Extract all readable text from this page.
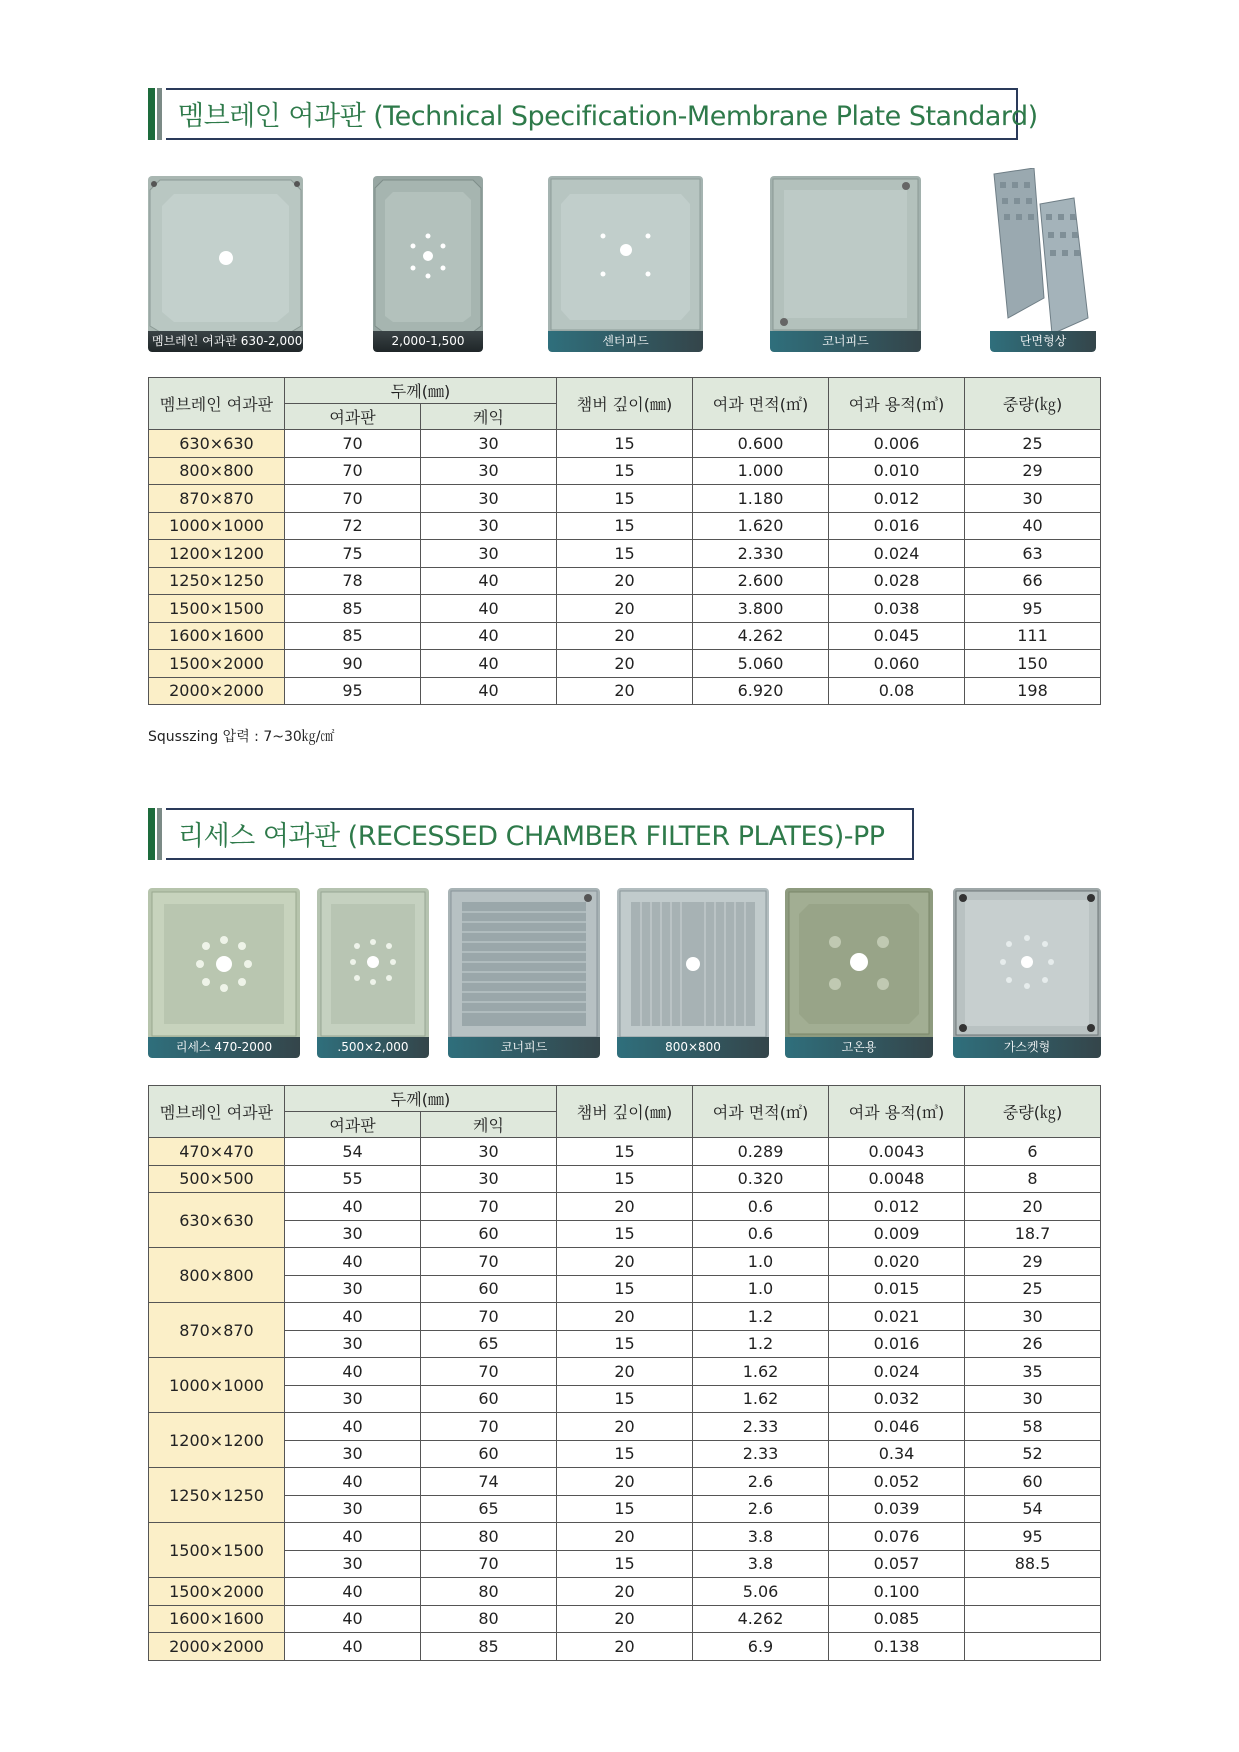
멤브레인 여과판 (Technical Specification-Membrane Plate Standard)
멤브레인 여과판 630-2,000	2,000-1,500	센터피드	코너피드	단면형상
멤브레인 여과판	두께(㎜)		챔버 깊이(㎜)	여과 면적(㎡)	여과 용적(㎥)	중량(㎏)
	여과판	케익				
630×630	70	30	15	0.600	0.006	25
800×800	70	30	15	1.000	0.010	29
870×870	70	30	15	1.180	0.012	30
1000×1000	72	30	15	1.620	0.016	40
1200×1200	75	30	15	2.330	0.024	63
1250×1250	78	40	20	2.600	0.028	66
1500×1500	85	40	20	3.800	0.038	95
1600×1600	85	40	20	4.262	0.045	111
1500×2000	90	40	20	5.060	0.060	150
2000×2000	95	40	20	6.920	0.08	198
Squsszing 압력 : 7~30㎏/㎠
리세스 여과판 (RECESSED CHAMBER FILTER PLATES)-PP
리세스 470-2000	.500×2,000	코너피드	800×800	고온용	가스켓형
멤브레인 여과판	두께(㎜)		챔버 깊이(㎜)	여과 면적(㎡)	여과 용적(㎥)	중량(㎏)
	여과판	케익				
470×470	54	30	15	0.289	0.0043	6
500×500	55	30	15	0.320	0.0048	8
630×630	40	70	20	0.6	0.012	20
	30	60	15	0.6	0.009	18.7
800×800	40	70	20	1.0	0.020	29
	30	60	15	1.0	0.015	25
870×870	40	70	20	1.2	0.021	30
	30	65	15	1.2	0.016	26
1000×1000	40	70	20	1.62	0.024	35
	30	60	15	1.62	0.032	30
1200×1200	40	70	20	2.33	0.046	58
	30	60	15	2.33	0.34	52
1250×1250	40	74	20	2.6	0.052	60
	30	65	15	2.6	0.039	54
1500×1500	40	80	20	3.8	0.076	95
	30	70	15	3.8	0.057	88.5
1500×2000	40	80	20	5.06	0.100	
1600×1600	40	80	20	4.262	0.085	
2000×2000	40	85	20	6.9	0.138	
